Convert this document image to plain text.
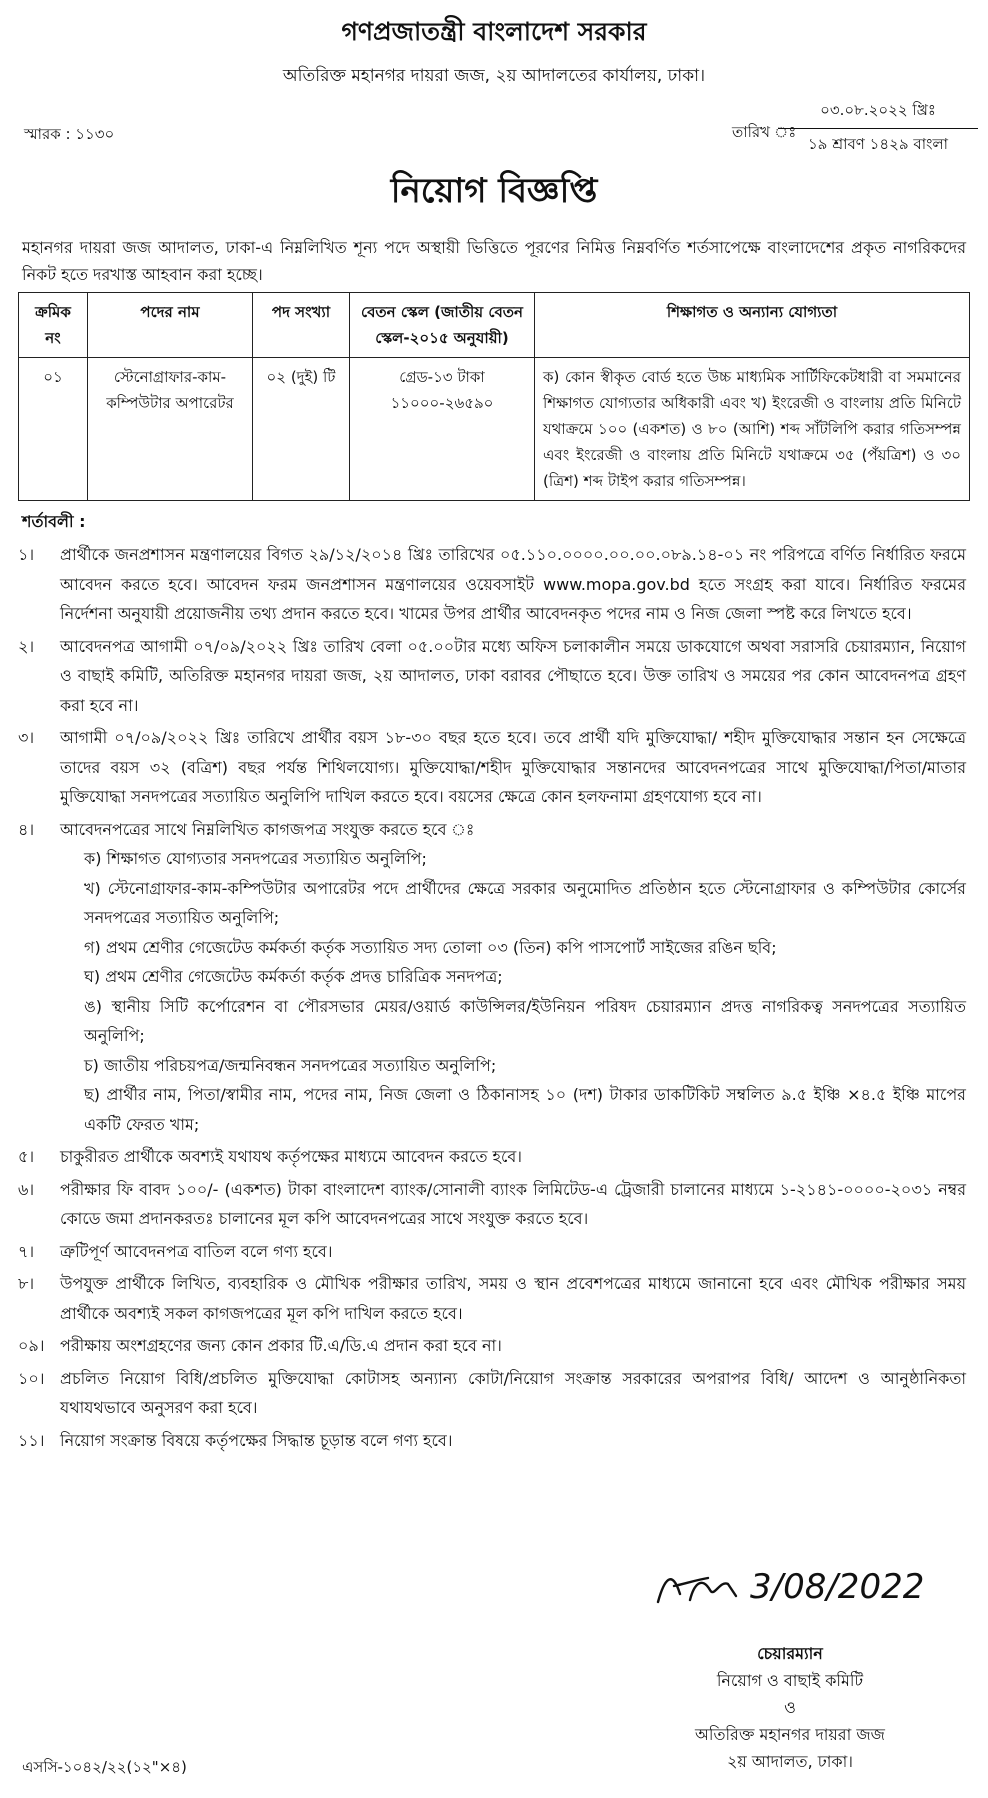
গণপ্রজাতন্ত্রী বাংলাদেশ সরকার
অতিরিক্ত মহানগর দায়রা জজ, ২য় আদালতের কার্যালয়, ঢাকা।
স্মারক : ১১৩০	তারিখ ঃ
০৩.০৮.২০২২ খ্রিঃ
১৯ শ্রাবণ ১৪২৯ বাংলা
নিয়োগ বিজ্ঞপ্তি
মহানগর দায়রা জজ আদালত, ঢাকা-এ নিম্নলিখিত শূন্য পদে অস্থায়ী ভিত্তিতে পূরণের নিমিত্ত নিম্নবর্ণিত শর্তসাপেক্ষে বাংলাদেশের প্রকৃত নাগরিকদের নিকট হতে দরখাস্ত আহবান করা হচ্ছে।
ক্রমিক নং	পদের নাম	পদ সংখ্যা	বেতন স্কেল (জাতীয় বেতন স্কেল-২০১৫ অনুযায়ী)	শিক্ষাগত ও অন্যান্য যোগ্যতা
০১	স্টেনোগ্রাফার-কাম-কম্পিউটার অপারেটর	০২ (দুই) টি	গ্রেড-১৩ টাকা ১১০০০-২৬৫৯০	ক) কোন স্বীকৃত বোর্ড হতে উচ্চ মাধ্যমিক সার্টিফিকেটধারী বা সমমানের শিক্ষাগত যোগ্যতার অধিকারী এবং খ) ইংরেজী ও বাংলায় প্রতি মিনিটে যথাক্রমে ১০০ (একশত) ও ৮০ (আশি) শব্দ সাঁটলিপি করার গতিসম্পন্ন এবং ইংরেজী ও বাংলায় প্রতি মিনিটে যথাক্রমে ৩৫ (পঁয়ত্রিশ) ও ৩০ (ত্রিশ) শব্দ টাইপ করার গতিসম্পন্ন।
শর্তাবলী :
১।	প্রার্থীকে জনপ্রশাসন মন্ত্রণালয়ের বিগত ২৯/১২/২০১৪ খ্রিঃ তারিখের ০৫.১১০.০০০০.০০.০০.০৮৯.১৪-০১ নং পরিপত্রে বর্ণিত নির্ধারিত ফরমে আবেদন করতে হবে। আবেদন ফরম জনপ্রশাসন মন্ত্রণালয়ের ওয়েবসাইট www.mopa.gov.bd হতে সংগ্রহ করা যাবে। নির্ধারিত ফরমের নির্দেশনা অনুযায়ী প্রয়োজনীয় তথ্য প্রদান করতে হবে। খামের উপর প্রার্থীর আবেদনকৃত পদের নাম ও নিজ জেলা স্পষ্ট করে লিখতে হবে।
২।	আবেদনপত্র আগামী ০৭/০৯/২০২২ খ্রিঃ তারিখ বেলা ০৫.০০টার মধ্যে অফিস চলাকালীন সময়ে ডাকযোগে অথবা সরাসরি চেয়ারম্যান, নিয়োগ ও বাছাই কমিটি, অতিরিক্ত মহানগর দায়রা জজ, ২য় আদালত, ঢাকা বরাবর পৌছাতে হবে। উক্ত তারিখ ও সময়ের পর কোন আবেদনপত্র গ্রহণ করা হবে না।
৩।	আগামী ০৭/০৯/২০২২ খ্রিঃ তারিখে প্রার্থীর বয়স ১৮-৩০ বছর হতে হবে। তবে প্রার্থী যদি মুক্তিযোদ্ধা/ শহীদ মুক্তিযোদ্ধার সন্তান হন সেক্ষেত্রে তাদের বয়স ৩২ (বত্রিশ) বছর পর্যন্ত শিথিলযোগ্য। মুক্তিযোদ্ধা/শহীদ মুক্তিযোদ্ধার সন্তানদের আবেদনপত্রের সাথে মুক্তিযোদ্ধা/পিতা/মাতার মুক্তিযোদ্ধা সনদপত্রের সত্যায়িত অনুলিপি দাখিল করতে হবে। বয়সের ক্ষেত্রে কোন হলফনামা গ্রহণযোগ্য হবে না।
৪।	আবেদনপত্রের সাথে নিম্নলিখিত কাগজপত্র সংযুক্ত করতে হবে ঃ
ক) শিক্ষাগত যোগ্যতার সনদপত্রের সত্যায়িত অনুলিপি;
খ) স্টেনোগ্রাফার-কাম-কম্পিউটার অপারেটর পদে প্রার্থীদের ক্ষেত্রে সরকার অনুমোদিত প্রতিষ্ঠান হতে স্টেনোগ্রাফার ও কম্পিউটার কোর্সের সনদপত্রের সত্যায়িত অনুলিপি;
গ) প্রথম শ্রেণীর গেজেটেড কর্মকর্তা কর্তৃক সত্যায়িত সদ্য তোলা ০৩ (তিন) কপি পাসপোর্ট সাইজের রঙিন ছবি;
ঘ) প্রথম শ্রেণীর গেজেটেড কর্মকর্তা কর্তৃক প্রদত্ত চারিত্রিক সনদপত্র;
ঙ) স্থানীয় সিটি কর্পোরেশন বা পৌরসভার মেয়র/ওয়ার্ড কাউন্সিলর/ইউনিয়ন পরিষদ চেয়ারম্যান প্রদত্ত নাগরিকত্ব সনদপত্রের সত্যায়িত অনুলিপি;
চ) জাতীয় পরিচয়পত্র/জন্মনিবন্ধন সনদপত্রের সত্যায়িত অনুলিপি;
ছ) প্রার্থীর নাম, পিতা/স্বামীর নাম, পদের নাম, নিজ জেলা ও ঠিকানাসহ ১০ (দশ) টাকার ডাকটিকিট সম্বলিত ৯.৫ ইঞ্চি ×৪.৫ ইঞ্চি মাপের একটি ফেরত খাম;
৫।	চাকুরীরত প্রার্থীকে অবশ্যই যথাযথ কর্তৃপক্ষের মাধ্যমে আবেদন করতে হবে।
৬।	পরীক্ষার ফি বাবদ ১০০/- (একশত) টাকা বাংলাদেশ ব্যাংক/সোনালী ব্যাংক লিমিটেড-এ ট্রেজারী চালানের মাধ্যমে ১-২১৪১-০০০০-২০৩১ নম্বর কোডে জমা প্রদানকরতঃ চালানের মূল কপি আবেদনপত্রের সাথে সংযুক্ত করতে হবে।
৭।	ত্রুটিপূর্ণ আবেদনপত্র বাতিল বলে গণ্য হবে।
৮।	উপযুক্ত প্রার্থীকে লিখিত, ব্যবহারিক ও মৌখিক পরীক্ষার তারিখ, সময় ও স্থান প্রবেশপত্রের মাধ্যমে জানানো হবে এবং মৌখিক পরীক্ষার সময় প্রার্থীকে অবশ্যই সকল কাগজপত্রের মূল কপি দাখিল করতে হবে।
০৯। পরীক্ষায় অংশগ্রহণের জন্য কোন প্রকার টি.এ/ডি.এ প্রদান করা হবে না।
১০। প্রচলিত নিয়োগ বিধি/প্রচলিত মুক্তিযোদ্ধা কোটাসহ অন্যান্য কোটা/নিয়োগ সংক্রান্ত সরকারের অপরাপর বিধি/ আদেশ ও আনুষ্ঠানিকতা যথাযথভাবে অনুসরণ করা হবে।
১১। নিয়োগ সংক্রান্ত বিষয়ে কর্তৃপক্ষের সিদ্ধান্ত চূড়ান্ত বলে গণ্য হবে।
3/08/2022
চেয়ারম্যান
নিয়োগ ও বাছাই কমিটি
ও
অতিরিক্ত মহানগর দায়রা জজ
২য় আদালত, ঢাকা।
এসসি-১০৪২/২২(১২"×৪)
